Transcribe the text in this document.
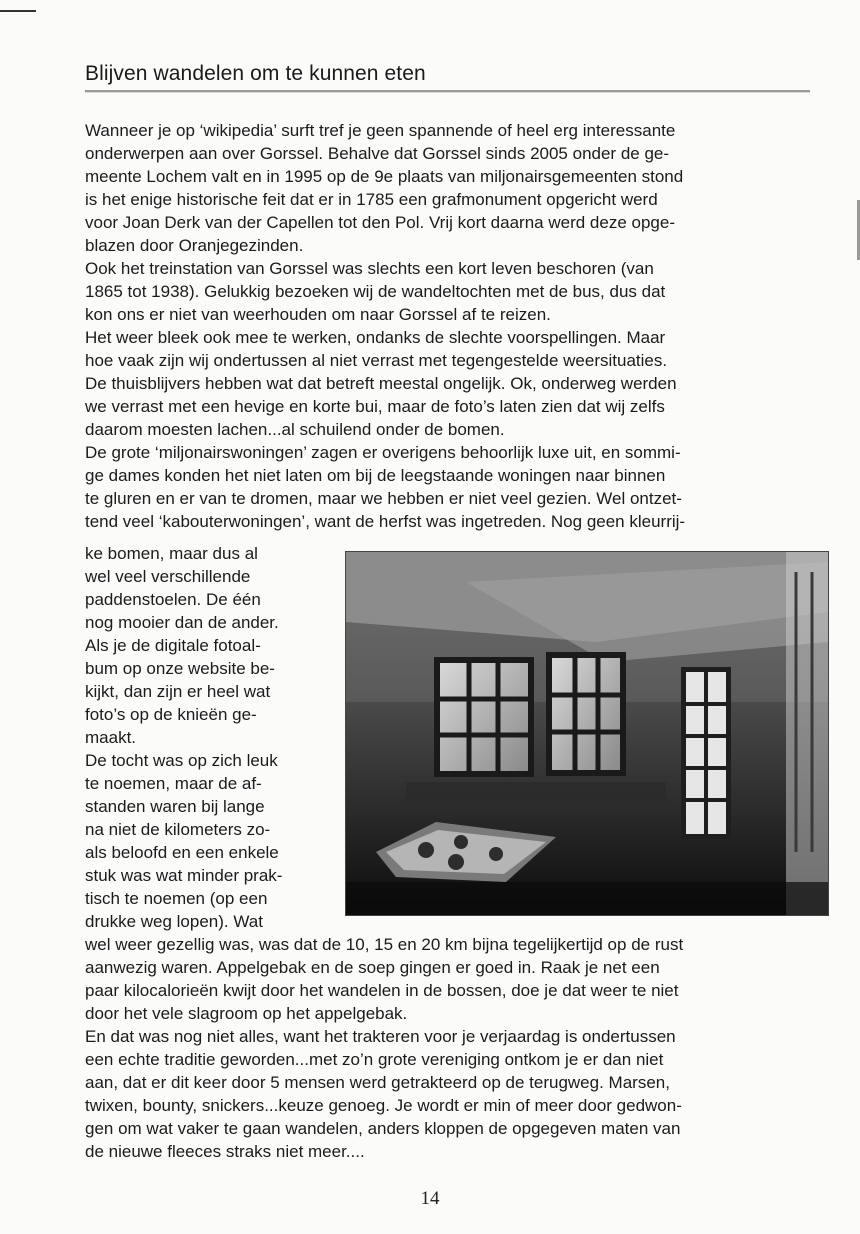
Blijven wandelen om te kunnen eten
Wanneer je op ‘wikipedia’ surft tref je geen spannende of heel erg interessante
onderwerpen aan over Gorssel. Behalve dat Gorssel sinds 2005 onder de ge-
meente Lochem valt en in 1995 op de 9e plaats van miljonairsgemeenten stond
is het enige historische feit dat er in 1785 een grafmonument opgericht werd
voor Joan Derk van der Capellen tot den Pol. Vrij kort daarna werd deze opge-
blazen door Oranjegezinden.
Ook het treinstation van Gorssel was slechts een kort leven beschoren (van
1865 tot 1938). Gelukkig bezoeken wij de wandeltochten met de bus, dus dat
kon ons er niet van weerhouden om naar Gorssel af te reizen.
Het weer bleek ook mee te werken, ondanks de slechte voorspellingen. Maar
hoe vaak zijn wij ondertussen al niet verrast met tegengestelde weersituaties.
De thuisblijvers hebben wat dat betreft meestal ongelijk. Ok, onderweg werden
we verrast met een hevige en korte bui, maar de foto’s laten zien dat wij zelfs
daarom moesten lachen...al schuilend onder de bomen.
De grote ‘miljonairswoningen’ zagen er overigens behoorlijk luxe uit, en sommi-
ge dames konden het niet laten om bij de leegstaande woningen naar binnen
te gluren en er van te dromen, maar we hebben er niet veel gezien. Wel ontzet-
tend veel ‘kabouterwoningen’, want de herfst was ingetreden. Nog geen kleurrij-
ke bomen, maar dus al
wel veel verschillende
paddenstoelen. De één
nog mooier dan de ander.
Als je de digitale fotoal-
bum op onze website be-
kijkt, dan zijn er heel wat
foto’s op de knieën ge-
maakt.
De tocht was op zich leuk
te noemen, maar de af-
standen waren bij lange
na niet de kilometers zo-
als beloofd en een enkele
stuk was wat minder prak-
tisch te noemen (op een
drukke weg lopen). Wat
wel weer gezellig was, was dat de 10, 15 en 20 km bijna tegelijkertijd op de rust
aanwezig waren. Appelgebak en de soep gingen er goed in. Raak je net een
paar kilocalorieën kwijt door het wandelen in de bossen, doe je dat weer te niet
door het vele slagroom op het appelgebak.
En dat was nog niet alles, want het trakteren voor je verjaardag is ondertussen
een echte traditie geworden...met zo’n grote vereniging ontkom je er dan niet
aan, dat er dit keer door 5 mensen werd getrakteerd op de terugweg. Marsen,
twixen, bounty, snickers...keuze genoeg. Je wordt er min of meer door gedwon-
gen om wat vaker te gaan wandelen, anders kloppen de opgegeven maten van
de nieuwe fleeces straks niet meer....
14
